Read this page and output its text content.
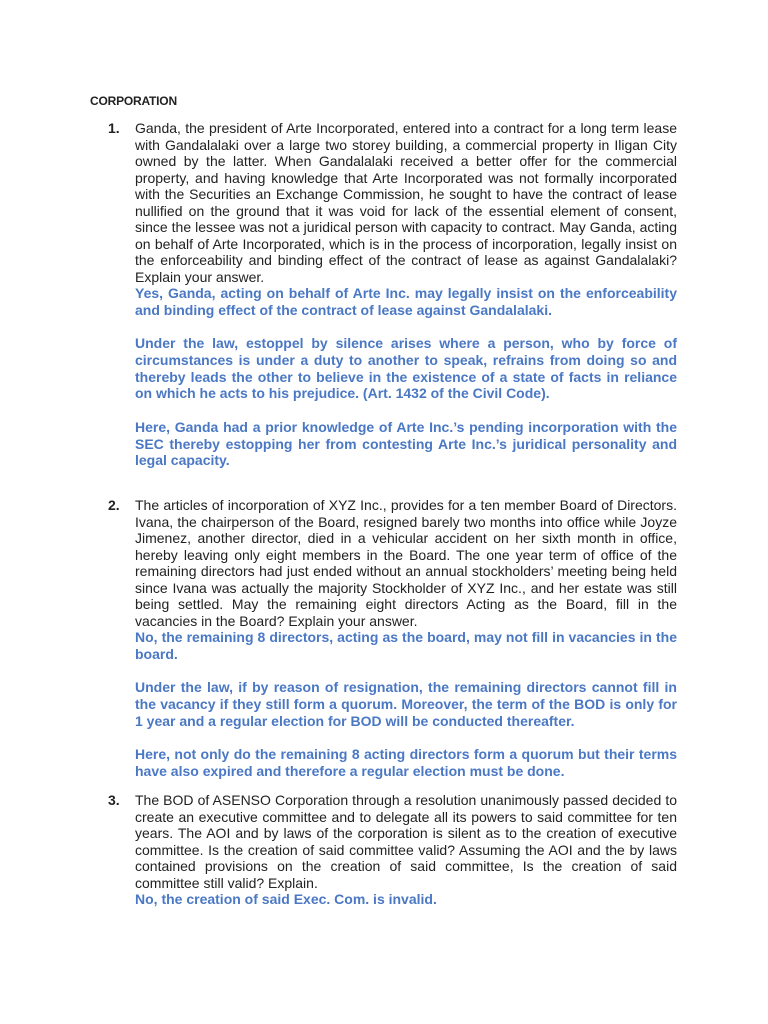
CORPORATION
1. Ganda, the president of Arte Incorporated, entered into a contract for a long term lease with Gandalalaki over a large two storey building, a commercial property in Iligan City owned by the latter. When Gandalalaki received a better offer for the commercial property, and having knowledge that Arte Incorporated was not formally incorporated with the Securities an Exchange Commission, he sought to have the contract of lease nullified on the ground that it was void for lack of the essential element of consent, since the lessee was not a juridical person with capacity to contract. May Ganda, acting on behalf of Arte Incorporated, which is in the process of incorporation, legally insist on the enforceability and binding effect of the contract of lease as against Gandalalaki? Explain your answer.

Yes, Ganda, acting on behalf of Arte Inc. may legally insist on the enforceability and binding effect of the contract of lease against Gandalalaki.

Under the law, estoppel by silence arises where a person, who by force of circumstances is under a duty to another to speak, refrains from doing so and thereby leads the other to believe in the existence of a state of facts in reliance on which he acts to his prejudice. (Art. 1432 of the Civil Code).

Here, Ganda had a prior knowledge of Arte Inc.’s pending incorporation with the SEC thereby estopping her from contesting Arte Inc.’s juridical personality and legal capacity.

2. The articles of incorporation of XYZ Inc., provides for a ten member Board of Directors. Ivana, the chairperson of the Board, resigned barely two months into office while Joyze Jimenez, another director, died in a vehicular accident on her sixth month in office, hereby leaving only eight members in the Board. The one year term of office of the remaining directors had just ended without an annual stockholders’ meeting being held since Ivana was actually the majority Stockholder of XYZ Inc., and her estate was still being settled. May the remaining eight directors Acting as the Board, fill in the vacancies in the Board? Explain your answer.

No, the remaining 8 directors, acting as the board, may not fill in vacancies in the board.

Under the law, if by reason of resignation, the remaining directors cannot fill in the vacancy if they still form a quorum. Moreover, the term of the BOD is only for 1 year and a regular election for BOD will be conducted thereafter.

Here, not only do the remaining 8 acting directors form a quorum but their terms have also expired and therefore a regular election must be done.

3. The BOD of ASENSO Corporation through a resolution unanimously passed decided to create an executive committee and to delegate all its powers to said committee for ten years. The AOI and by laws of the corporation is silent as to the creation of executive committee. Is the creation of said committee valid? Assuming the AOI and the by laws contained provisions on the creation of said committee, Is the creation of said committee still valid? Explain.

No, the creation of said Exec. Com. is invalid.
